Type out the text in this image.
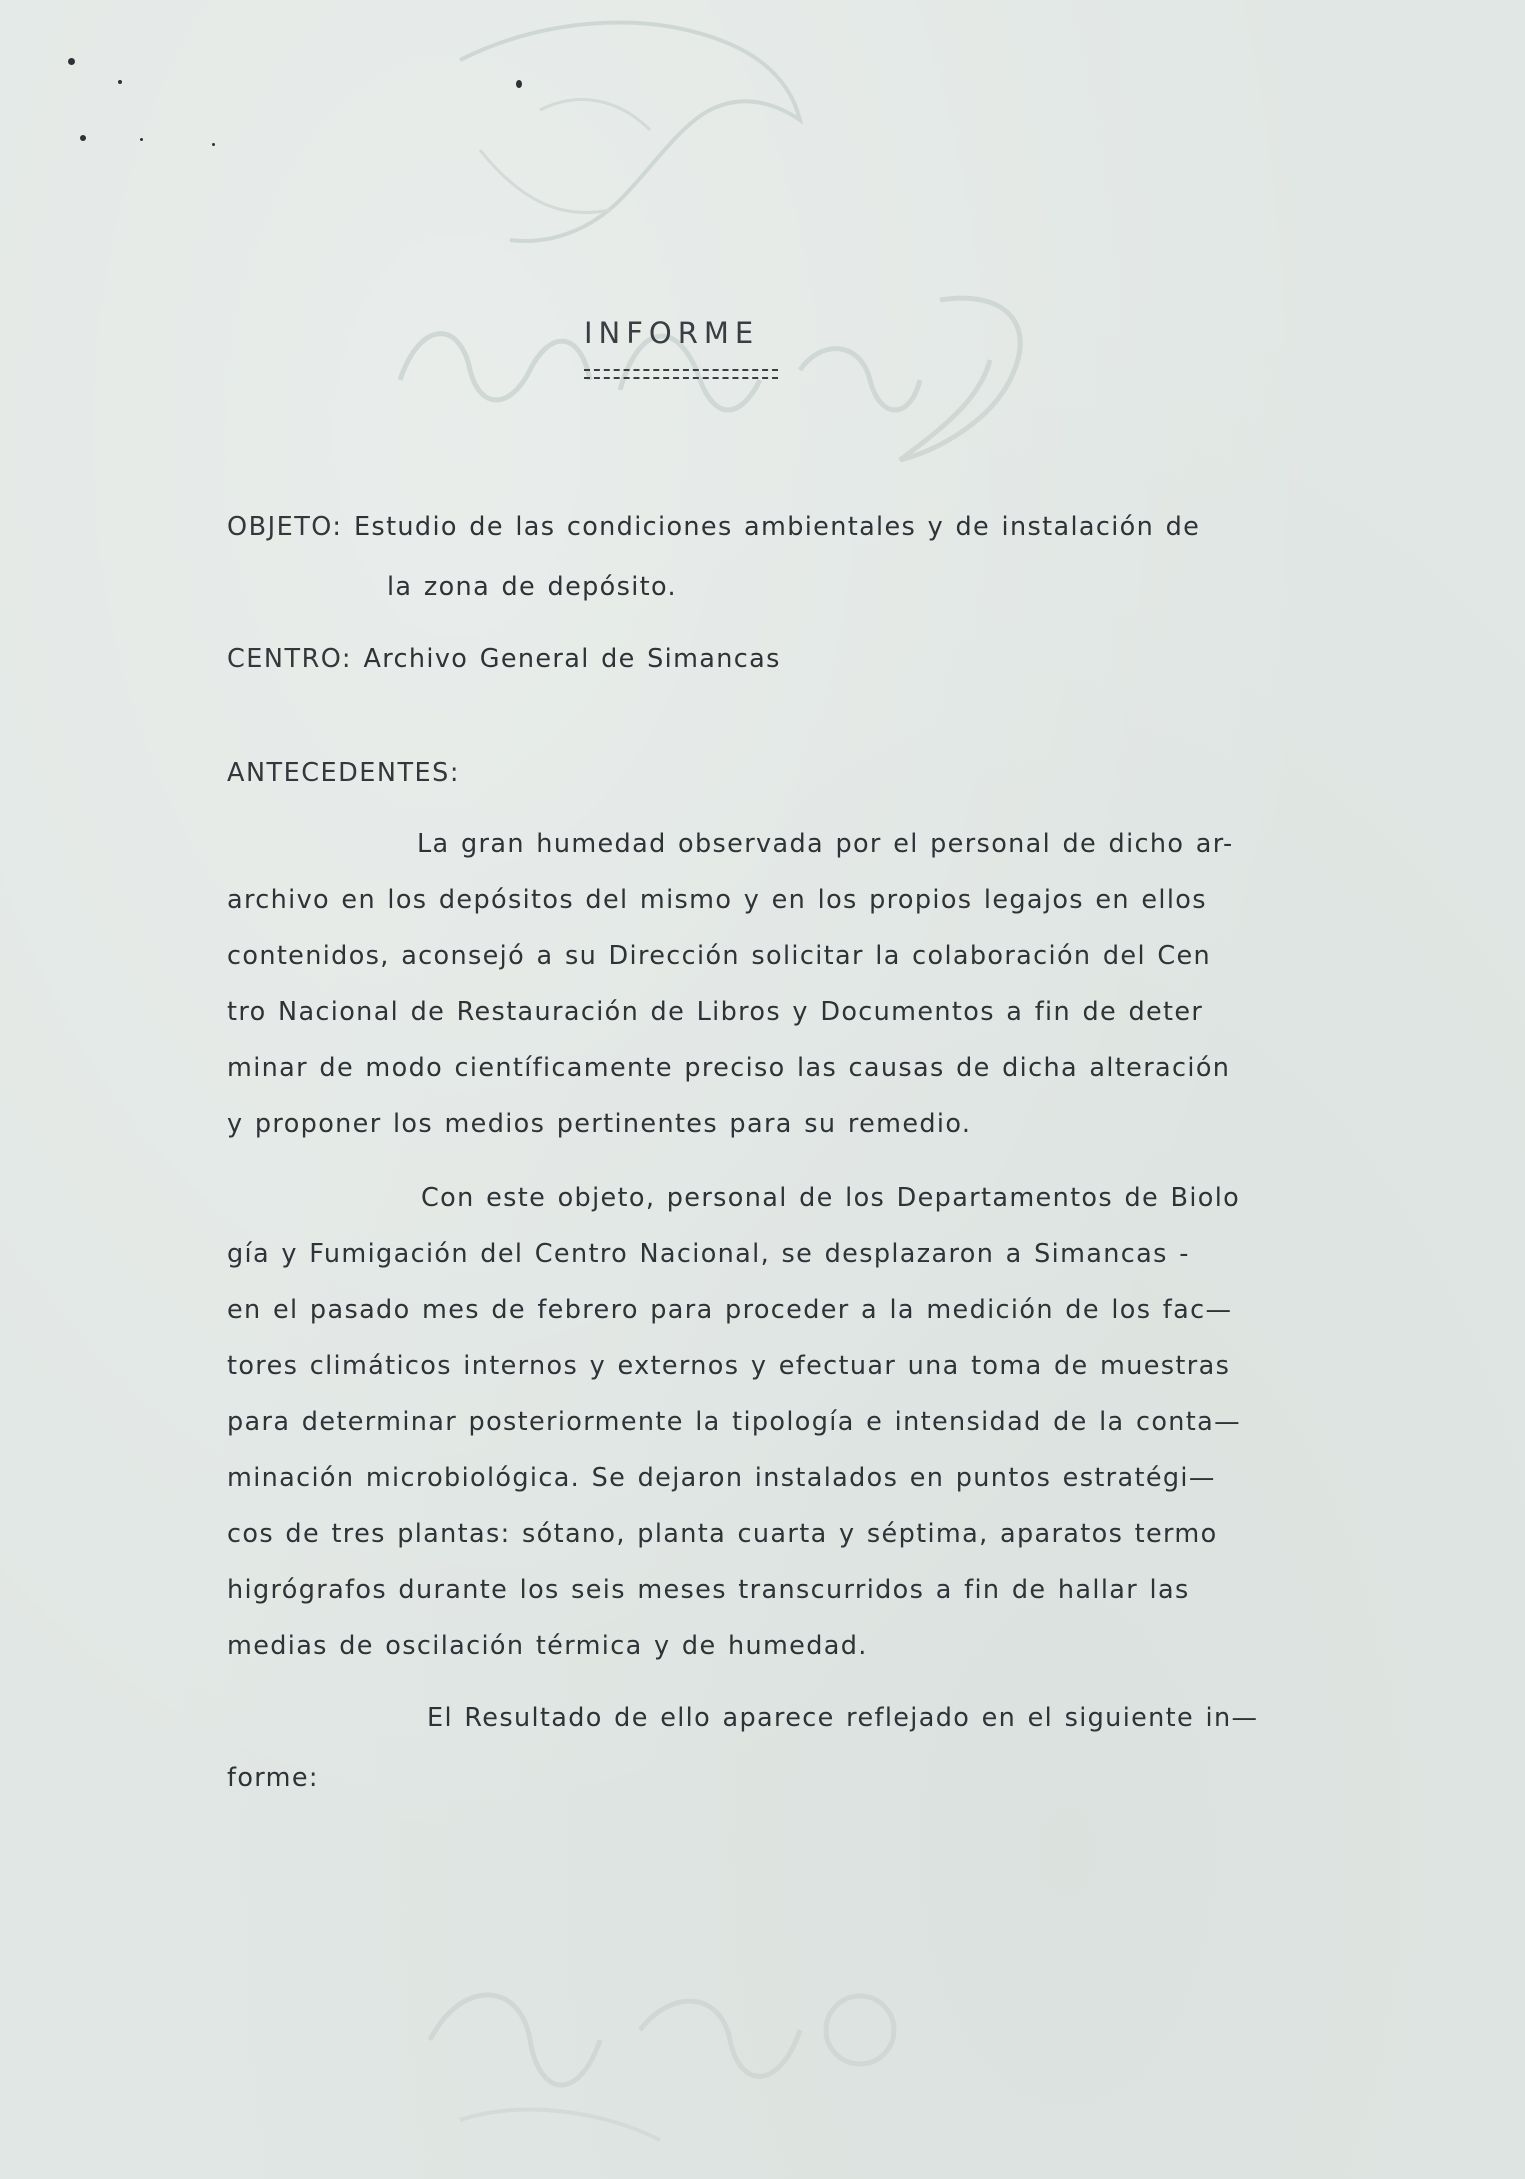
INFORME
OBJETO: Estudio de las condiciones ambientales y de instalación de
la zona de depósito.
CENTRO: Archivo General de Simancas
ANTECEDENTES:
La gran humedad observada por el personal de dicho ar-
archivo en los depósitos del mismo y en los propios legajos en ellos
contenidos, aconsejó a su Dirección solicitar la colaboración del Cen
tro Nacional de Restauración de Libros y Documentos a fin de deter
minar de modo científicamente preciso las causas de dicha alteración
y proponer los medios pertinentes para su remedio.
Con este objeto, personal de los Departamentos de Biolo
gía y Fumigación del Centro Nacional, se desplazaron a Simancas -
en el pasado mes de febrero para proceder a la medición de los fac—
tores climáticos internos y externos y efectuar una toma de muestras
para determinar posteriormente la tipología e intensidad de la conta—
minación microbiológica. Se dejaron instalados en puntos estratégi—
cos de tres plantas: sótano, planta cuarta y séptima, aparatos termo
higrógrafos durante los seis meses transcurridos a fin de hallar las
medias de oscilación térmica y de humedad.
El Resultado de ello aparece reflejado en el siguiente in—
forme:
